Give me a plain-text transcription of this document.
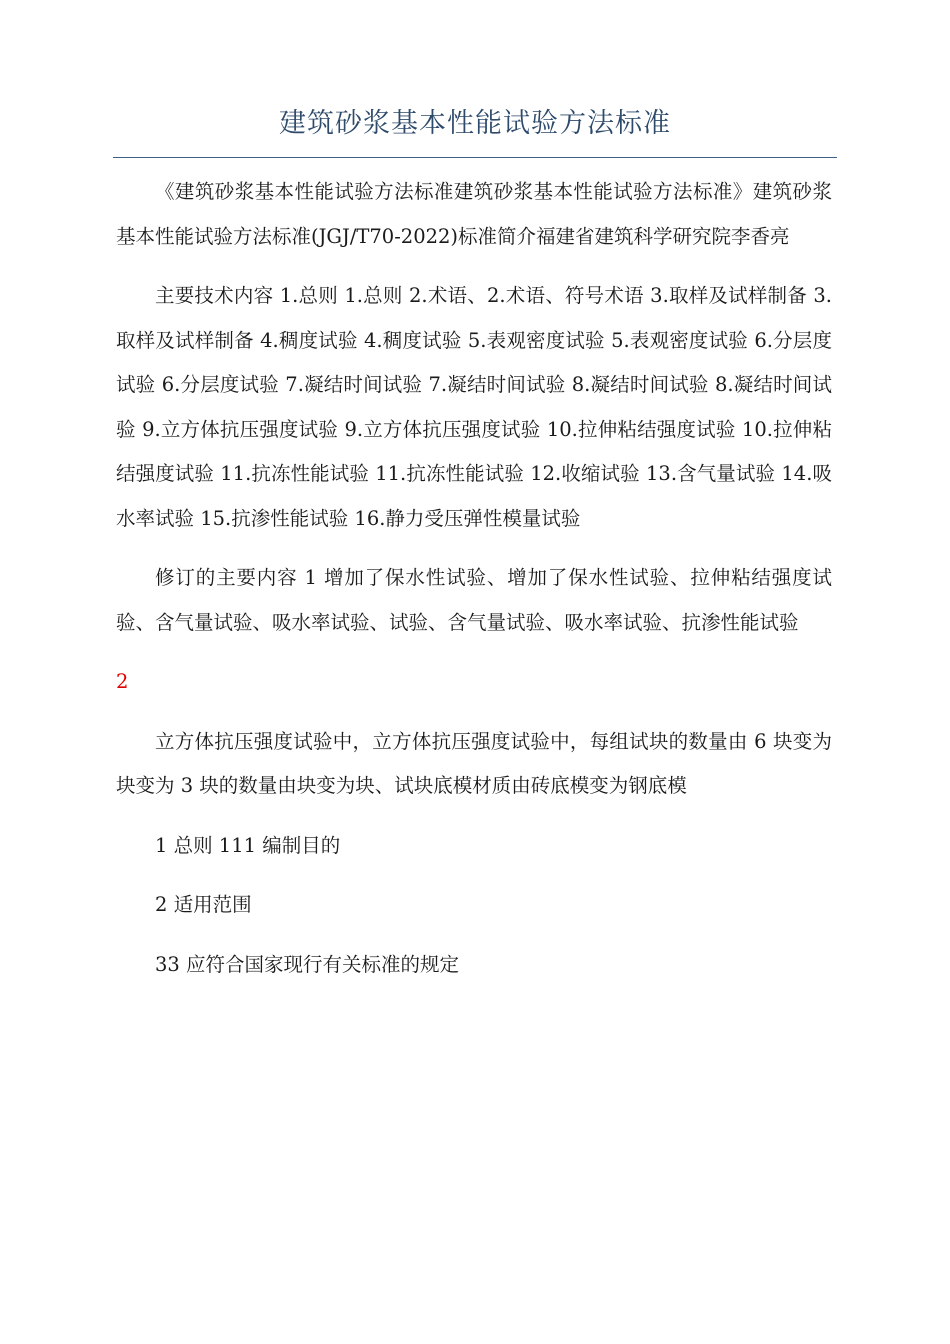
建筑砂浆基本性能试验方法标准

《建筑砂浆基本性能试验方法标准建筑砂浆基本性能试验方法标准》建筑砂浆基本性能试验方法标准(JGJ/T70-2022)标准简介福建省建筑科学研究院李香亮

主要技术内容 1.总则 1.总则 2.术语、2.术语、符号术语 3.取样及试样制备 3.取样及试样制备 4.稠度试验 4.稠度试验 5.表观密度试验 5.表观密度试验 6.分层度试验 6.分层度试验 7.凝结时间试验 7.凝结时间试验 8.凝结时间试验 8.凝结时间试验 9.立方体抗压强度试验 9.立方体抗压强度试验 10.拉伸粘结强度试验 10.拉伸粘结强度试验 11.抗冻性能试验 11.抗冻性能试验 12.收缩试验 13.含气量试验 14.吸水率试验 15.抗渗性能试验 16.静力受压弹性模量试验

修订的主要内容 1 增加了保水性试验、增加了保水性试验、拉伸粘结强度试验、含气量试验、吸水率试验、试验、含气量试验、吸水率试验、抗渗性能试验

2

立方体抗压强度试验中，立方体抗压强度试验中，每组试块的数量由 6 块变为块变为 3 块的数量由块变为块、试块底模材质由砖底模变为钢底模

1 总则 111 编制目的

2 适用范围

33 应符合国家现行有关标准的规定
